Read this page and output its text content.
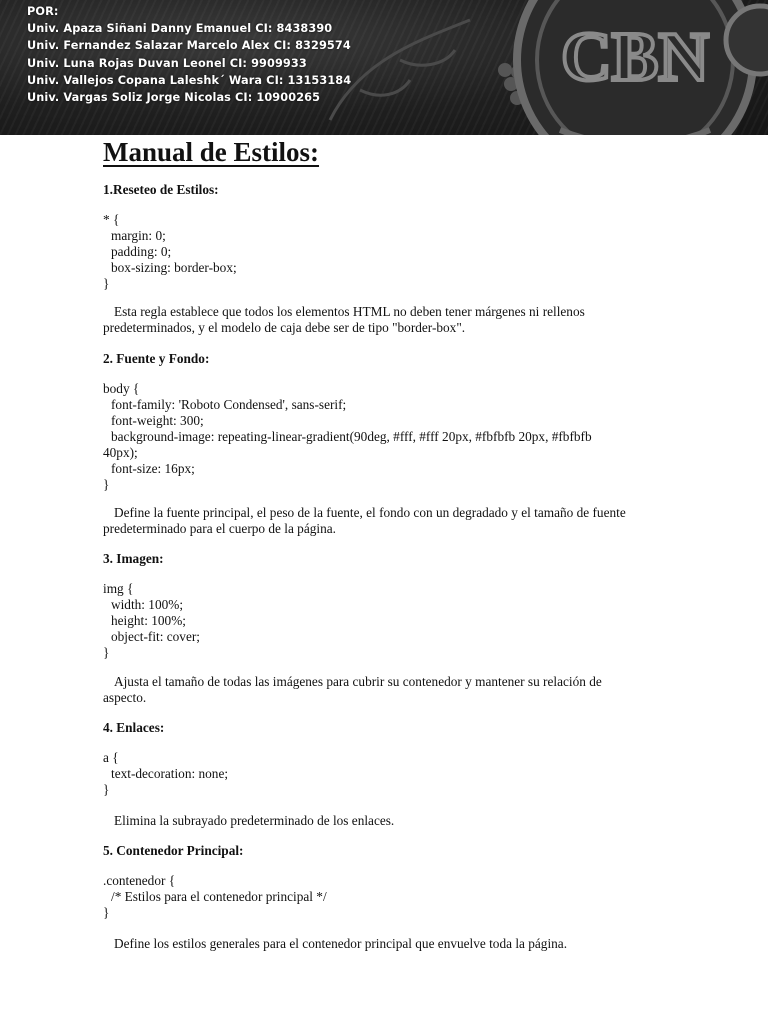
CBN
POR:
Univ. Apaza Siñani Danny Emanuel CI: 8438390
Univ. Fernandez Salazar Marcelo Alex CI: 8329574
Univ. Luna Rojas Duvan Leonel CI: 9909933
Univ. Vallejos Copana Laleshk´ Wara CI: 13153184
Univ. Vargas Soliz Jorge Nicolas CI: 10900265
Manual de Estilos:
1.Reseteo de Estilos:
* {
margin: 0;
padding: 0;
box-sizing: border-box;
}
Esta regla establece que todos los elementos HTML no deben tener márgenes ni rellenos predeterminados, y el modelo de caja debe ser de tipo "border-box".
2. Fuente y Fondo:
body {
font-family: 'Roboto Condensed', sans-serif;
font-weight: 300;
background-image: repeating-linear-gradient(90deg, #fff, #fff 20px, #fbfbfb 20px, #fbfbfb
40px);
font-size: 16px;
}
Define la fuente principal, el peso de la fuente, el fondo con un degradado y el tamaño de fuente predeterminado para el cuerpo de la página.
3. Imagen:
img {
width: 100%;
height: 100%;
object-fit: cover;
}
Ajusta el tamaño de todas las imágenes para cubrir su contenedor y mantener su relación de aspecto.
4. Enlaces:
a {
text-decoration: none;
}
Elimina la subrayado predeterminado de los enlaces.
5. Contenedor Principal:
.contenedor {
/* Estilos para el contenedor principal */
}
Define los estilos generales para el contenedor principal que envuelve toda la página.
